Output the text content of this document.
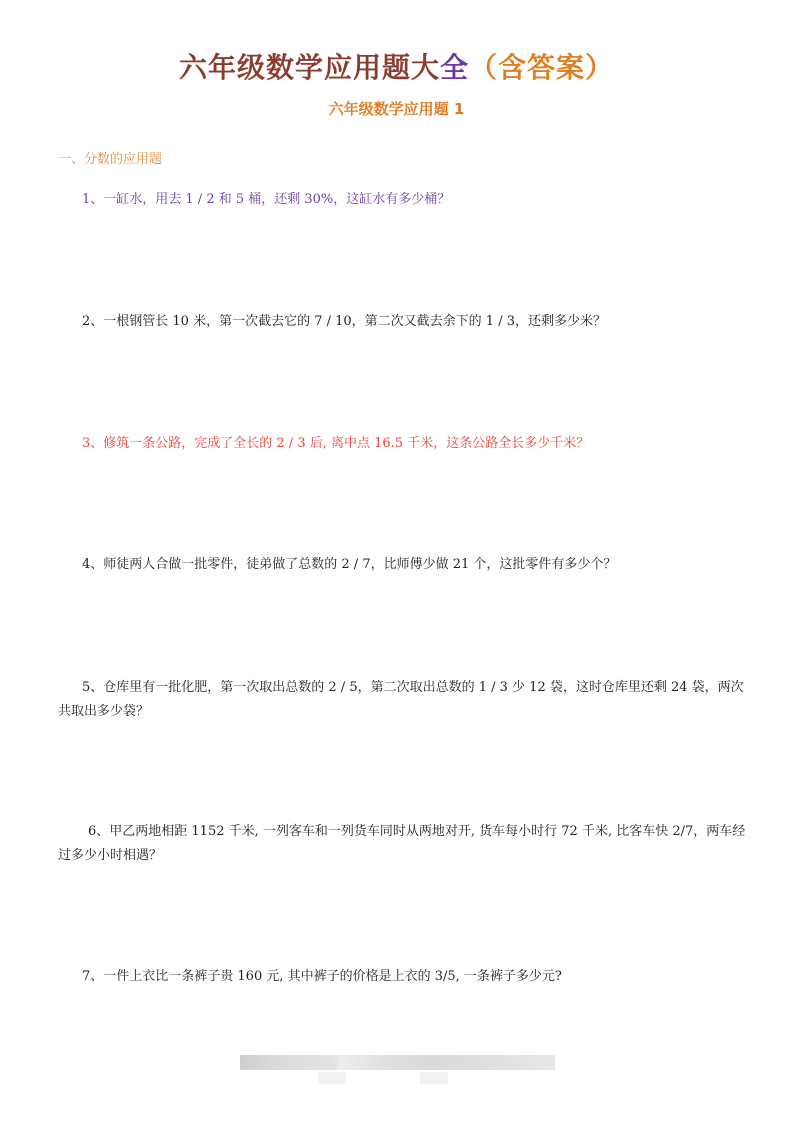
六年级数学应用题大全（含答案）
六年级数学应用题 1
一、分数的应用题
1、一缸水，用去 1 / 2 和 5 桶，还剩 30%，这缸水有多少桶？
2、一根钢管长 10 米，第一次截去它的 7 / 10，第二次又截去余下的 1 / 3，还剩多少米？
3、修筑一条公路，完成了全长的 2 / 3 后, 离中点 16.5 千米，这条公路全长多少千米？
4、师徒两人合做一批零件，徒弟做了总数的 2 / 7，比师傅少做 21 个，这批零件有多少个？
5、仓库里有一批化肥，第一次取出总数的 2 / 5，第二次取出总数的 1 / 3 少 12 袋，这时仓库里还剩 24 袋，两次共取出多少袋？
6、甲乙两地相距 1152 千米, 一列客车和一列货车同时从两地对开, 货车每小时行 72 千米, 比客车快 2/7，两车经过多少小时相遇？
7、一件上衣比一条裤子贵 160 元, 其中裤子的价格是上衣的 3/5, 一条裤子多少元?
